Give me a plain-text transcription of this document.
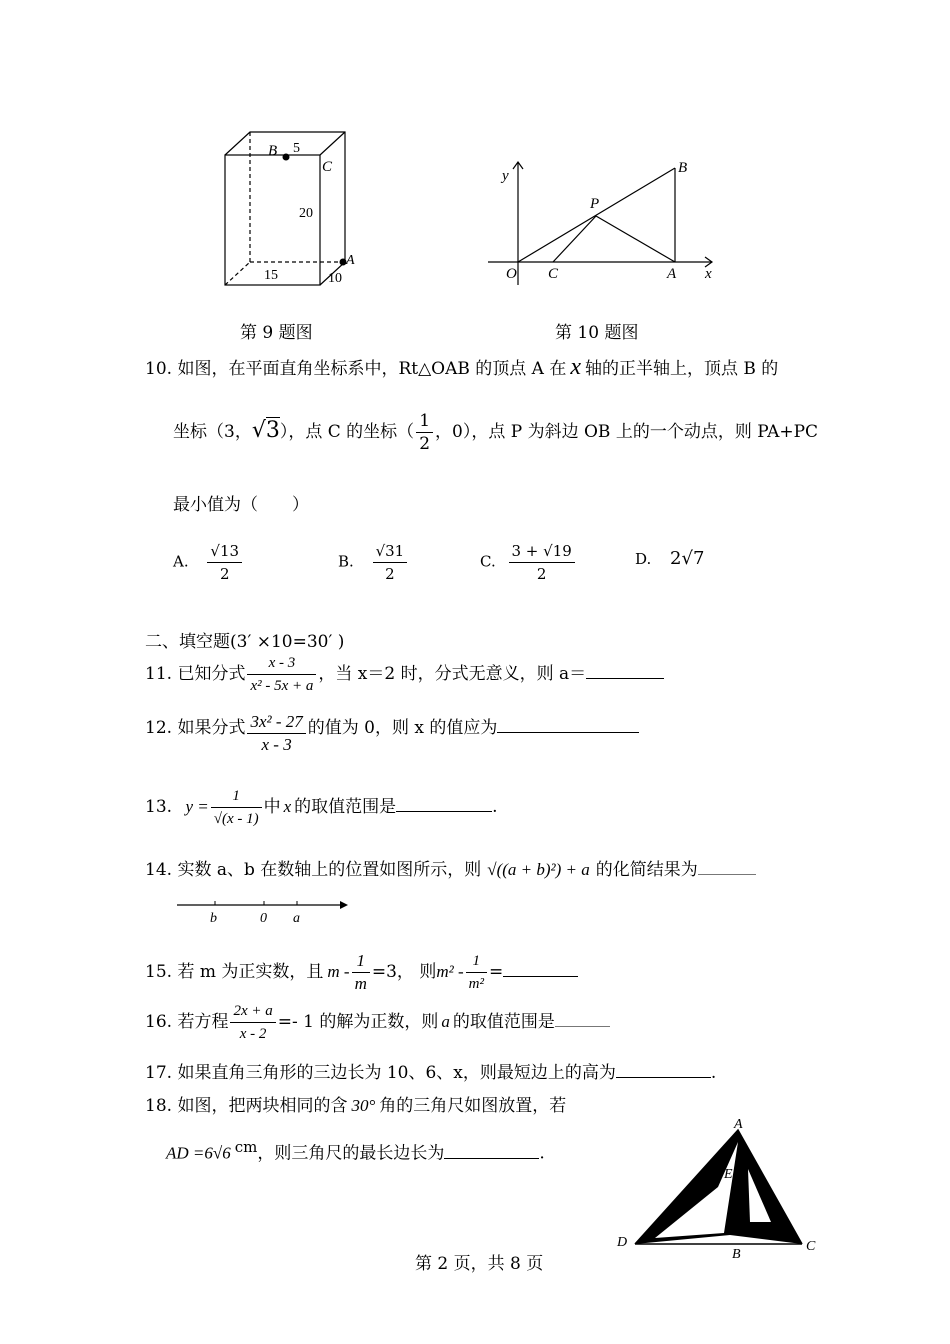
B 5
C
20
A
15	10
第 9 题图
y	B
P
O C	A x
第 10 题图
10. 如图，在平面直角坐标系中，Rt△OAB 的顶点 A 在 x 轴的正半轴上，顶点 B 的
坐标（3，√3），点 C 的坐标（ $\frac{1}{2}$ ，0），点 P 为斜边 OB 上的一个动点，则 PA+PC
最小值为（　　）
A. $\frac{√13}{2}$	B. $\frac{√31}{2}$	C. $\frac{3 + √19}{2}$	D. 2√7
二、填空题(3′ ×10=30′ )
11. 已知分式 $\frac{x - 3}{\text{x² - 5x + a}}$ ，当 x＝2 时，分式无意义，则 a＝
12. 如果分式 $\frac{\text{3x² - 27}}{x - 3}$ 的值为 0，则 x 的值应为
13. $y = \frac{1}{√(x - 1)}$ 中 x 的取值范围是	.
14. 实数 a、b 在数轴上的位置如图所示，则 √((a + b)²) + a 的化简结果为
b	0 a
15. 若 m 为正实数，且 $m - \frac{1}{m} =3$， 则$m^2 - \frac{1}{\text{m²}}$ =
16. 若方程 $\frac{2x + a}{x - 2} =- 1$ 的解为正数，则 a 的取值范围是
17. 如果直角三角形的三边长为 10、6、x，则最短边上的高为	.
18. 如图，把两块相同的含 30° 角的三角尺如图放置，若
AD =6√6 cm，则三角尺的最长边长为	.
A
E
D
B
C
第 2 页，共 8 页
